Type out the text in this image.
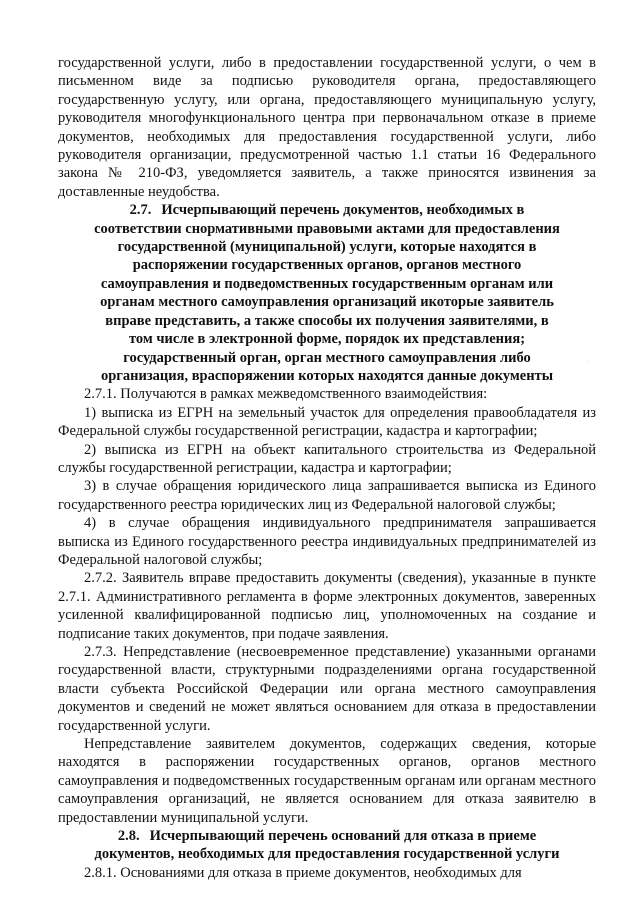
государственной услуги, либо в предоставлении государственной услуги, о чем в письменном виде за подписью руководителя органа, предоставляющего государственную услугу, или органа, предоставляющего муниципальную услугу, руководителя многофункционального центра при первоначальном отказе в приеме документов, необходимых для предоставления государственной услуги, либо руководителя организации, предусмотренной частью 1.1 статьи 16 Федерального закона № 210-ФЗ, уведомляется заявитель, а также приносятся извинения за доставленные неудобства.

2.7. Исчерпывающий перечень документов, необходимых в соответствии снормативными правовыми актами для предоставления государственной (муниципальной) услуги, которые находятся в распоряжении государственных органов, органов местного самоуправления и подведомственных государственным органам или органам местного самоуправления организаций икоторые заявитель вправе представить, а также способы их получения заявителями, в том числе в электронной форме, порядок их представления; государственный орган, орган местного самоуправления либо организация, враспоряжении которых находятся данные документы

2.7.1. Получаются в рамках межведомственного взаимодействия:

1) выписка из ЕГРН на земельный участок для определения правообладателя из Федеральной службы государственной регистрации, кадастра и картографии;

2) выписка из ЕГРН на объект капитального строительства из Федеральной службы государственной регистрации, кадастра и картографии;

3) в случае обращения юридического лица запрашивается выписка из Единого государственного реестра юридических лиц из Федеральной налоговой службы;

4) в случае обращения индивидуального предпринимателя запрашивается выписка из Единого государственного реестра индивидуальных предпринимателей из Федеральной налоговой службы;

2.7.2. Заявитель вправе предоставить документы (сведения), указанные в пункте 2.7.1. Административного регламента в форме электронных документов, заверенных усиленной квалифицированной подписью лиц, уполномоченных на создание и подписание таких документов, при подаче заявления.

2.7.3. Непредставление (несвоевременное представление) указанными органами государственной власти, структурными подразделениями органа государственной власти субъекта Российской Федерации или органа местного самоуправления документов и сведений не может являться основанием для отказа в предоставлении государственной услуги.

Непредставление заявителем документов, содержащих сведения, которые находятся в распоряжении государственных органов, органов местного самоуправления и подведомственных государственным органам или органам местного самоуправления организаций, не является основанием для отказа заявителю в предоставлении муниципальной услуги.

2.8. Исчерпывающий перечень оснований для отказа в приеме документов, необходимых для предоставления государственной услуги

2.8.1. Основаниями для отказа в приеме документов, необходимых для
